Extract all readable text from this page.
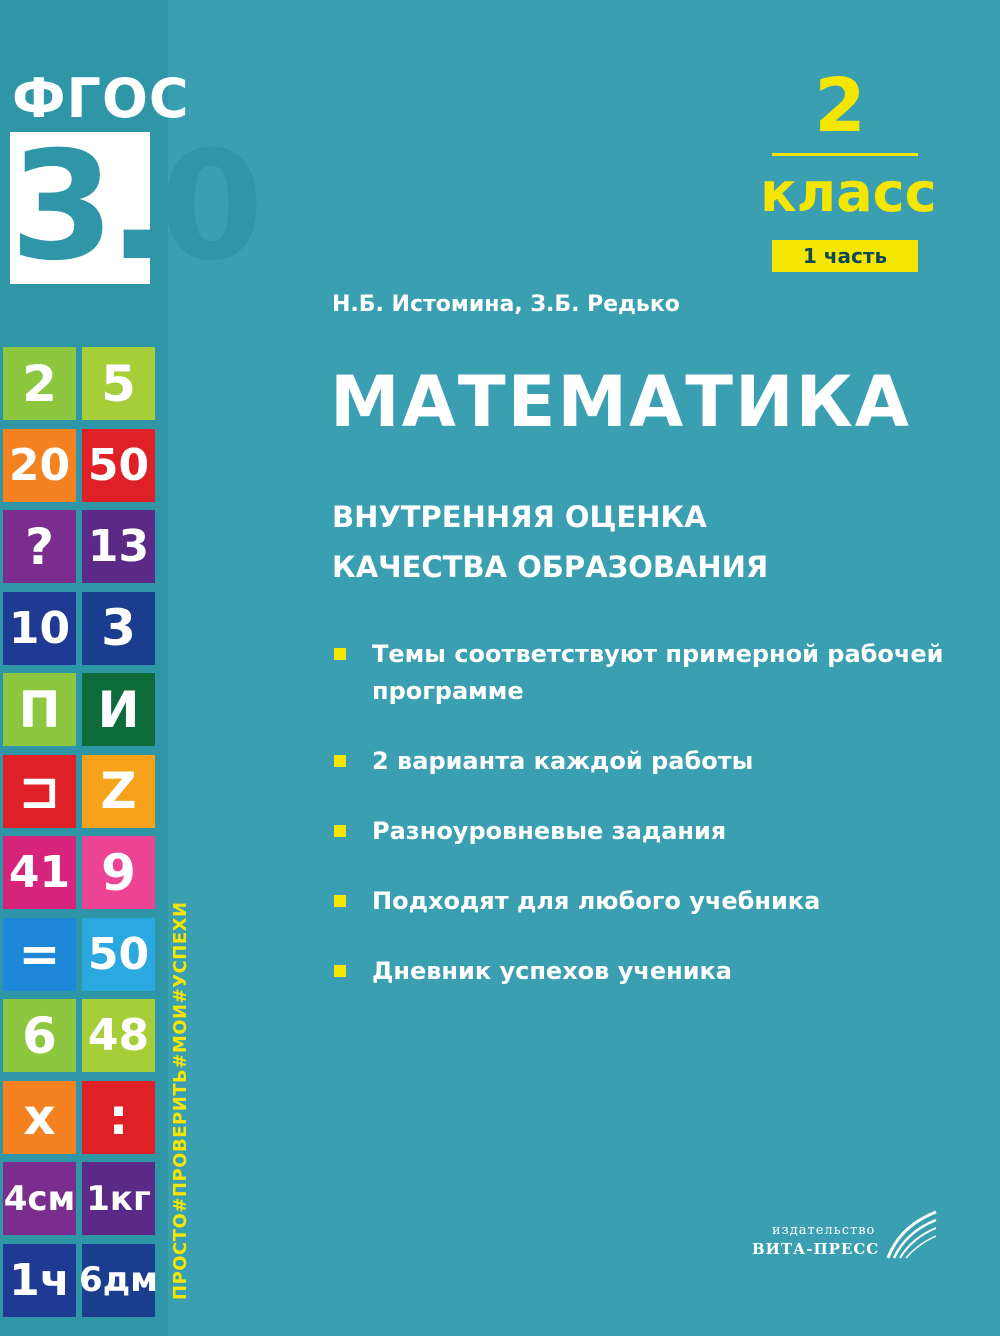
ФГОС
3.0
2 5
20 50
? 13
10 3
П И
⊐ Z
41 9
= 50
6 48
x	:
4см 1кг
1ч 6дм ПРОСТО#ПРОВЕРИТЬ#МОИ#УСПЕХИ
2
класс
1 часть
Н.Б. Истомина, З.Б. Редько
МАТЕМАТИКА
ВНУТРЕННЯЯ ОЦЕНКА
КАЧЕСТВА ОБРАЗОВАНИЯ
Темы соответствуют примерной рабочей программе
2 варианта каждой работы
Разноуровневые задания
Подходят для любого учебника
Дневник успехов ученика
издательство
ВИТА-ПРЕСС
